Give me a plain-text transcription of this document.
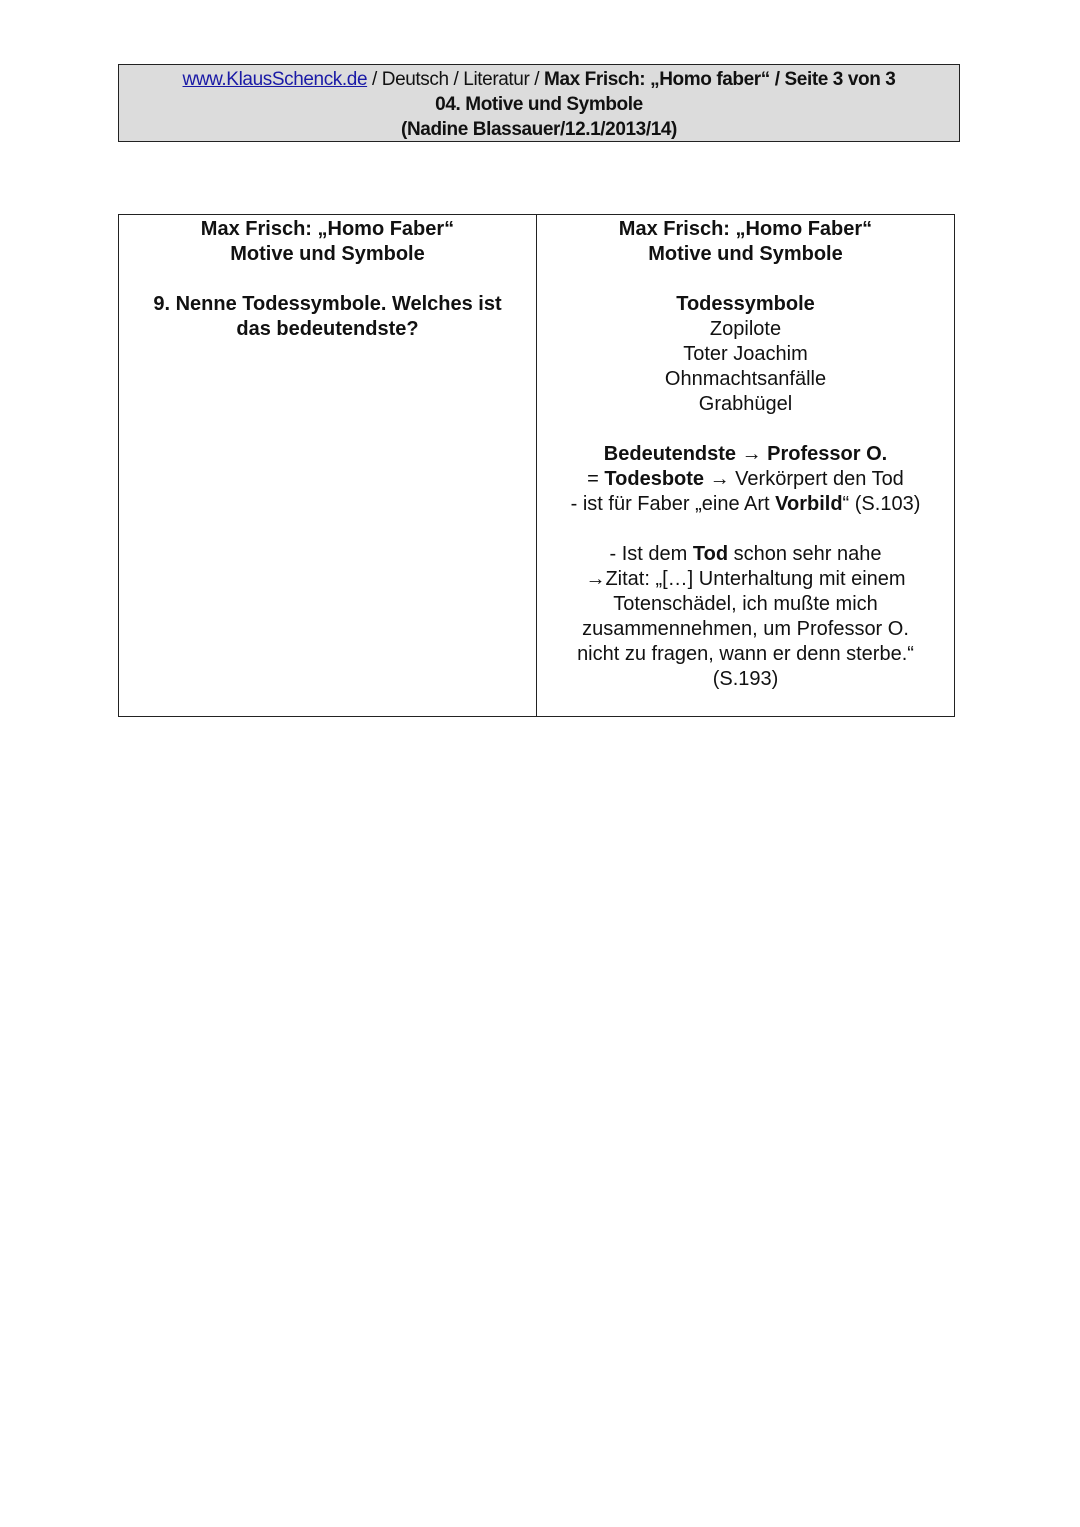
www.KlausSchenck.de / Deutsch / Literatur / Max Frisch: „Homo faber“ / Seite 3 von 3
04. Motive und Symbole
(Nadine Blassauer/12.1/2013/14)
Max Frisch: „Homo Faber“
Motive und Symbole
9. Nenne Todessymbole. Welches ist
das bedeutendste?
Max Frisch: „Homo Faber“
Motive und Symbole
Todessymbole
Zopilote
Toter Joachim
Ohnmachtsanfälle
Grabhügel
Bedeutendste → Professor O.
= Todesbote → Verkörpert den Tod
- ist für Faber „eine Art Vorbild“ (S.103)
- Ist dem Tod schon sehr nahe
→Zitat: „[…] Unterhaltung mit einem
Totenschädel, ich mußte mich
zusammennehmen, um Professor O.
nicht zu fragen, wann er denn sterbe.“
(S.193)
